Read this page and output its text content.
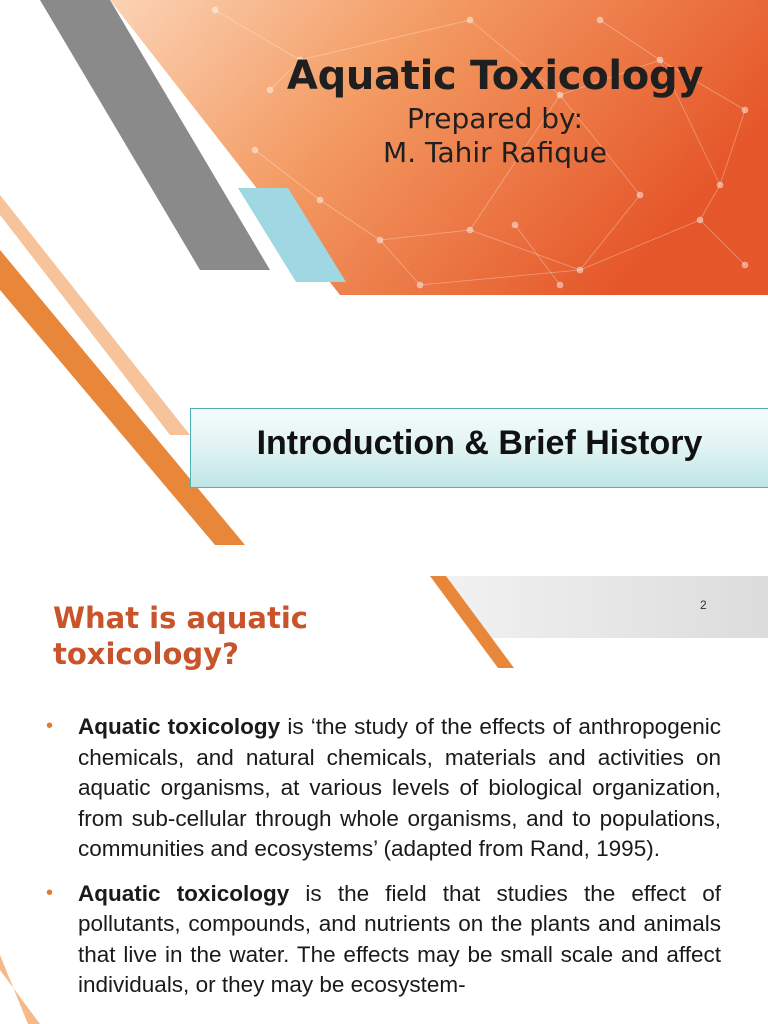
Aquatic Toxicology
Prepared by:
M. Tahir Rafique
Introduction & Brief History
2
What is aquatic toxicology?
• Aquatic toxicology is ‘the study of the effects of anthropogenic chemicals, and natural chemicals, materials and activities on aquatic organisms, at various levels of biological organization, from sub-cellular through whole organisms, and to populations, communities and ecosystems’ (adapted from Rand, 1995).
• Aquatic toxicology is the field that studies the effect of pollutants, compounds, and nutrients on the plants and animals that live in the water. The effects may be small scale and affect individuals, or they may be ecosystem-
